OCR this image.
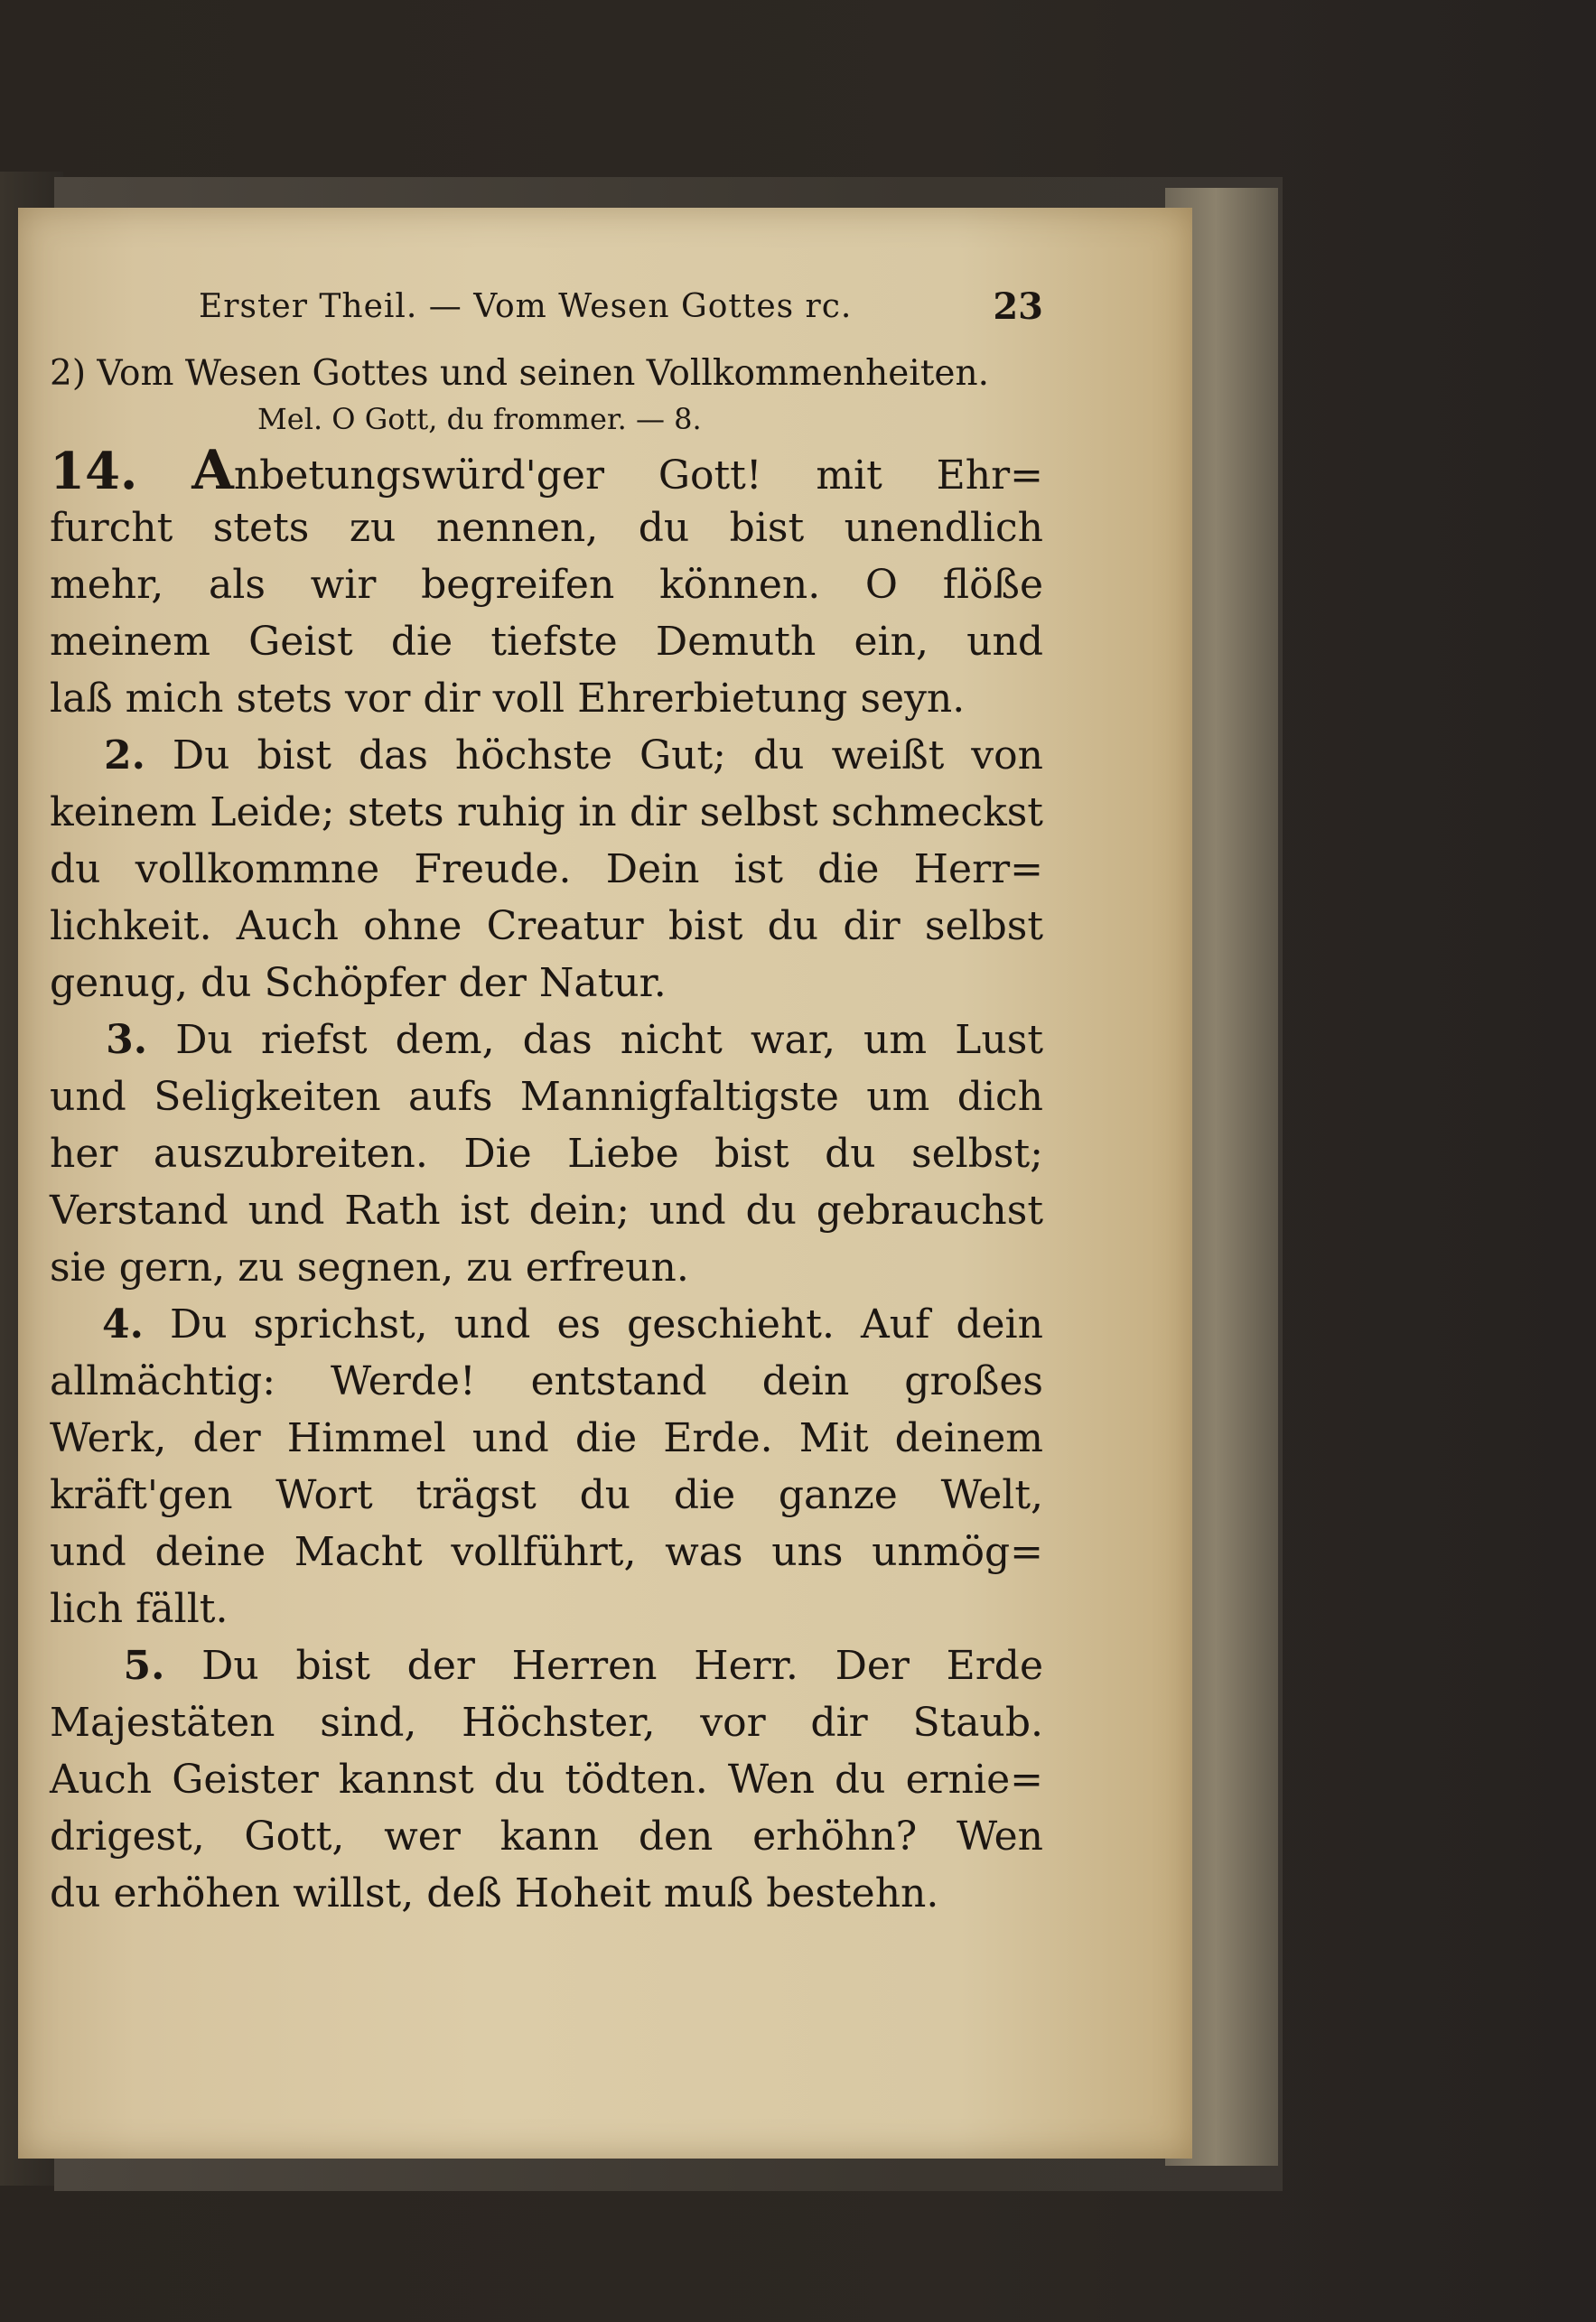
Erster Theil. — Vom Wesen Gottes rc.	23
2) Vom Wesen Gottes und seinen Vollkommenheiten.
Mel. O Gott, du frommer. — 8.
14. Anbetungswürd'ger Gott! mit Ehr=
furcht stets zu nennen, du bist unendlich
mehr, als wir begreifen können. O flöße
meinem Geist die tiefste Demuth ein, und
laß mich stets vor dir voll Ehrerbietung seyn.
2. Du bist das höchste Gut; du weißt von
keinem Leide; stets ruhig in dir selbst schmeckst
du vollkommne Freude. Dein ist die Herr=
lichkeit. Auch ohne Creatur bist du dir selbst
genug, du Schöpfer der Natur.
3. Du riefst dem, das nicht war, um Lust
und Seligkeiten aufs Mannigfaltigste um dich
her auszubreiten. Die Liebe bist du selbst;
Verstand und Rath ist dein; und du gebrauchst
sie gern, zu segnen, zu erfreun.
4. Du sprichst, und es geschieht. Auf dein
allmächtig: Werde! entstand dein großes
Werk, der Himmel und die Erde. Mit deinem
kräft'gen Wort trägst du die ganze Welt,
und deine Macht vollführt, was uns unmög=
lich fällt.
5. Du bist der Herren Herr. Der Erde
Majestäten sind, Höchster, vor dir Staub.
Auch Geister kannst du tödten. Wen du ernie=
drigest, Gott, wer kann den erhöhn? Wen
du erhöhen willst, deß Hoheit muß bestehn.
